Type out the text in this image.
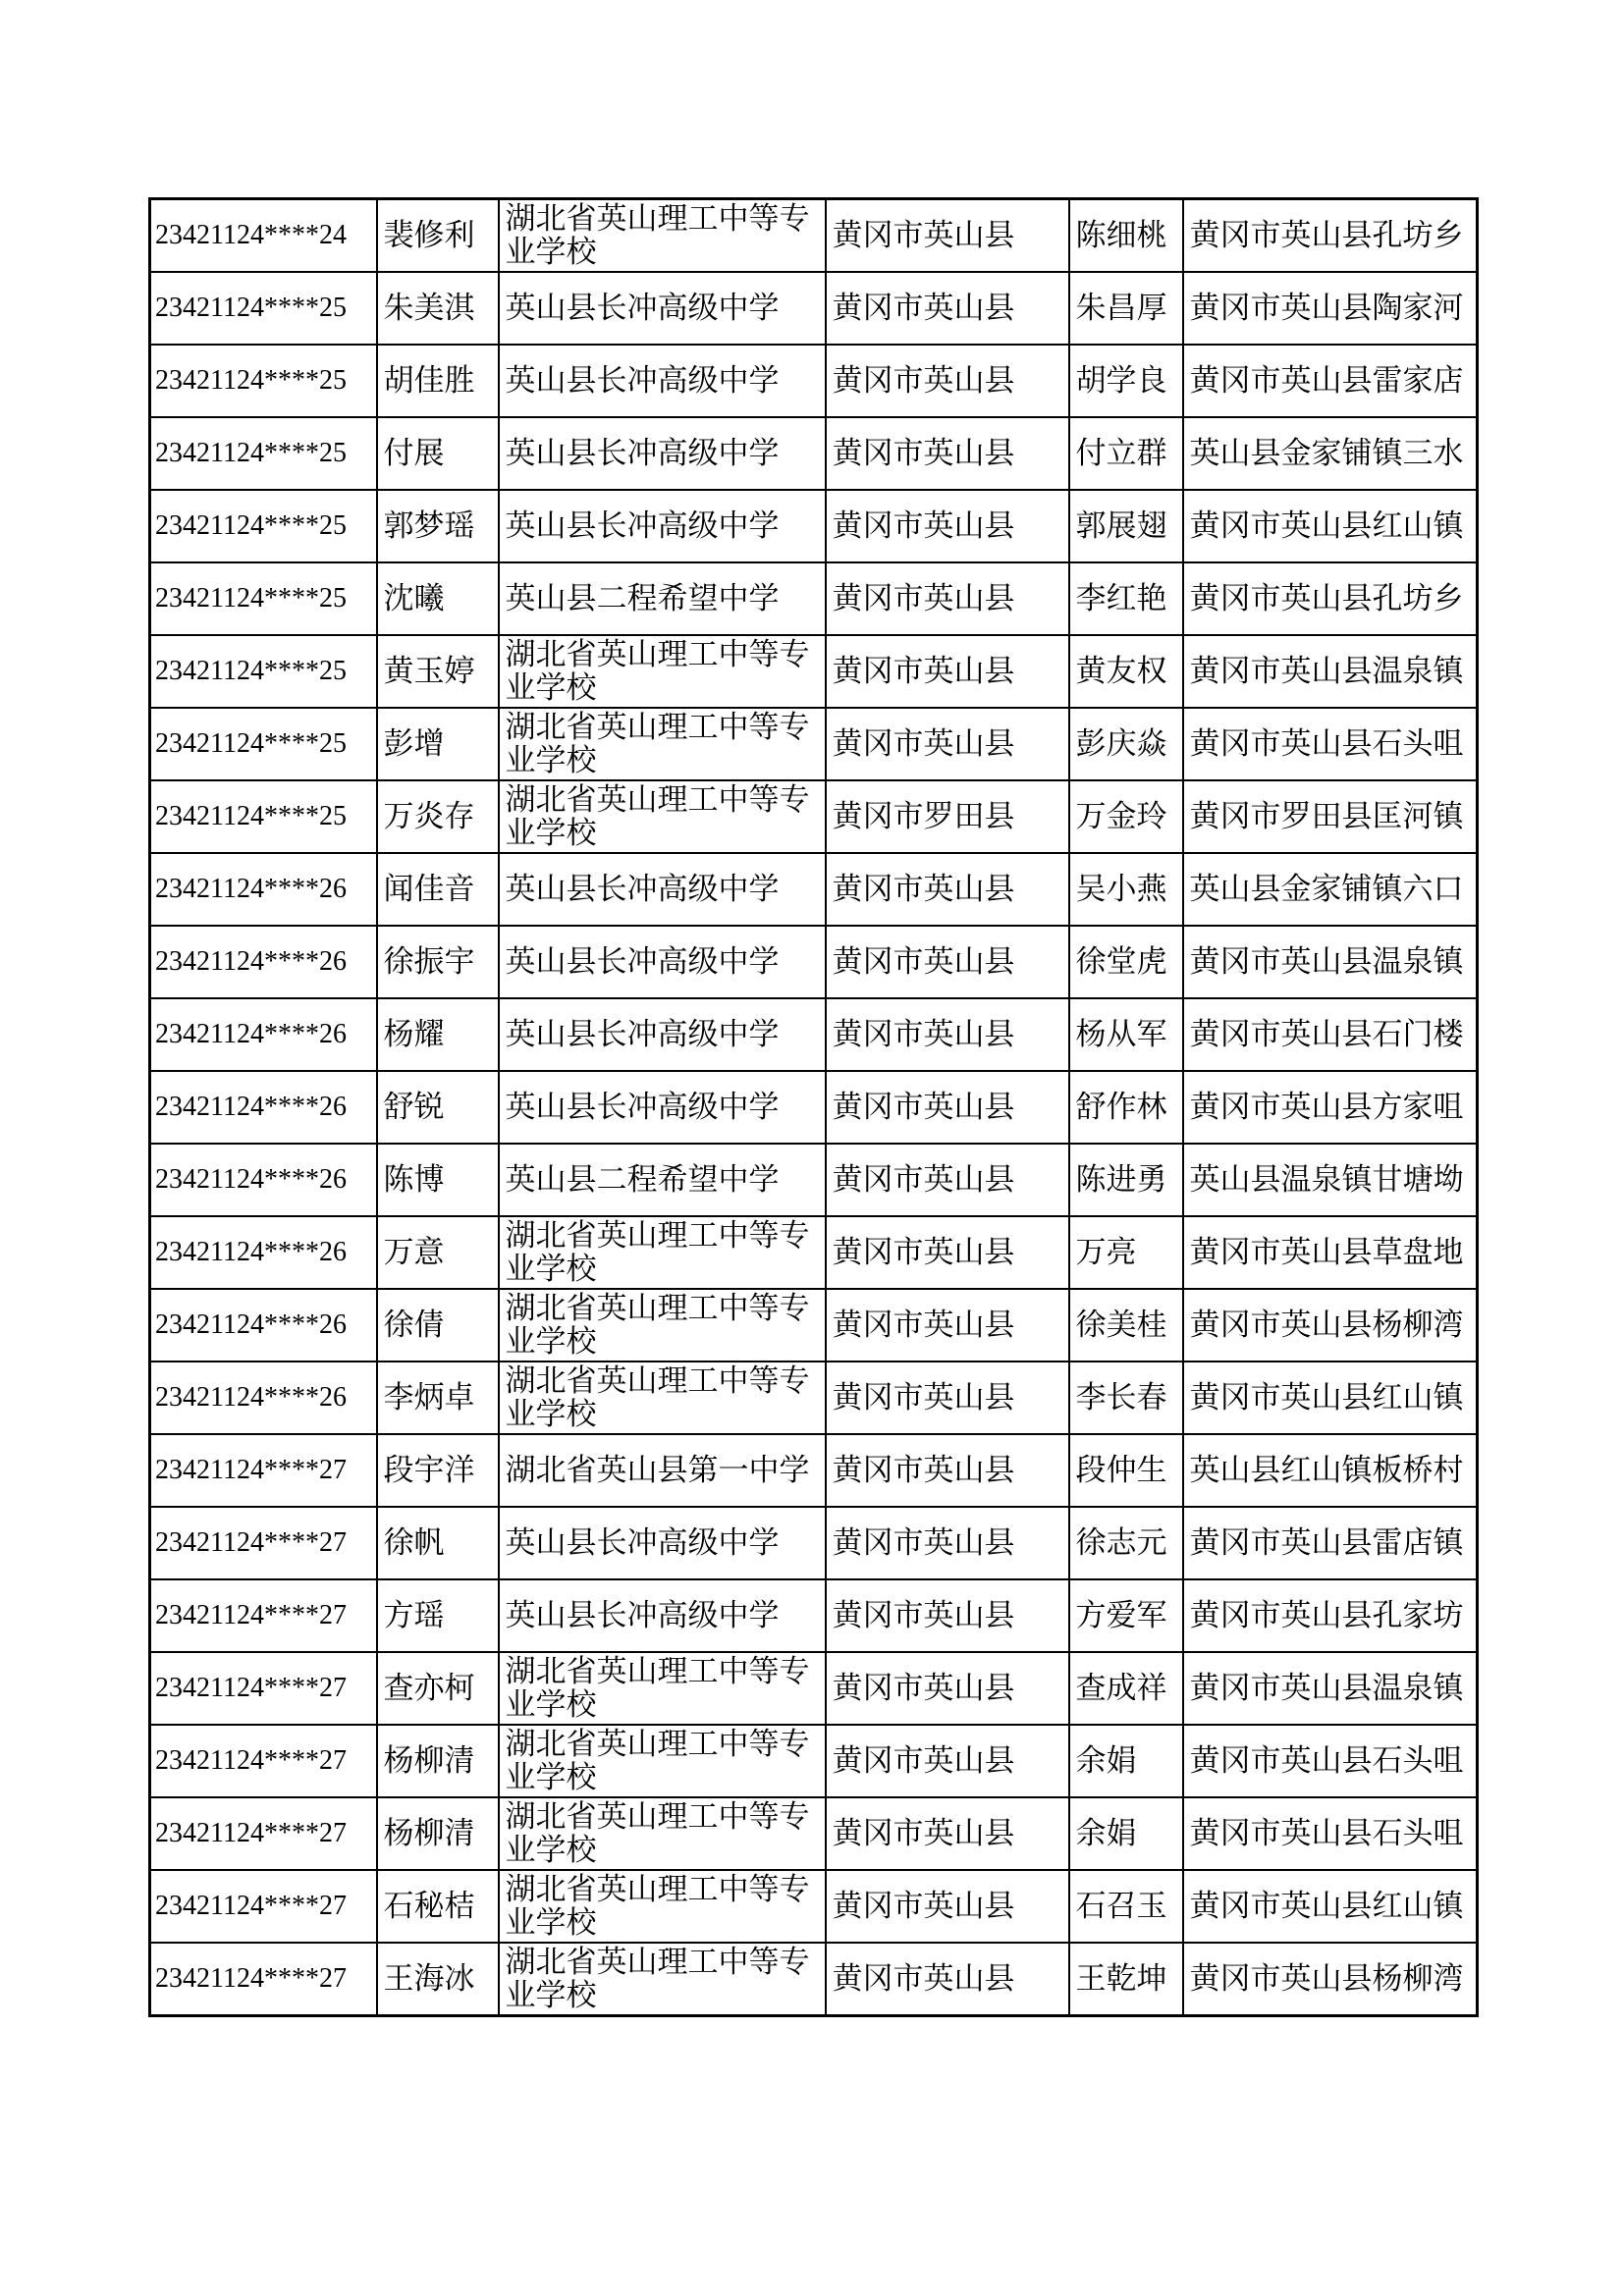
23421124****24	裴修利	湖北省英山理工中等专业学校	黄冈市英山县	陈细桃	黄冈市英山县孔坊乡
23421124****25	朱美淇	英山县长冲高级中学	黄冈市英山县	朱昌厚	黄冈市英山县陶家河
23421124****25	胡佳胜	英山县长冲高级中学	黄冈市英山县	胡学良	黄冈市英山县雷家店
23421124****25	付展	英山县长冲高级中学	黄冈市英山县	付立群	英山县金家铺镇三水
23421124****25	郭梦瑶	英山县长冲高级中学	黄冈市英山县	郭展翅	黄冈市英山县红山镇
23421124****25	沈曦	英山县二程希望中学	黄冈市英山县	李红艳	黄冈市英山县孔坊乡
23421124****25	黄玉婷	湖北省英山理工中等专业学校	黄冈市英山县	黄友权	黄冈市英山县温泉镇
23421124****25	彭增	湖北省英山理工中等专业学校	黄冈市英山县	彭庆焱	黄冈市英山县石头咀
23421124****25	万炎存	湖北省英山理工中等专业学校	黄冈市罗田县	万金玲	黄冈市罗田县匡河镇
23421124****26	闻佳音	英山县长冲高级中学	黄冈市英山县	吴小燕	英山县金家铺镇六口
23421124****26	徐振宇	英山县长冲高级中学	黄冈市英山县	徐堂虎	黄冈市英山县温泉镇
23421124****26	杨耀	英山县长冲高级中学	黄冈市英山县	杨从军	黄冈市英山县石门楼
23421124****26	舒锐	英山县长冲高级中学	黄冈市英山县	舒作林	黄冈市英山县方家咀
23421124****26	陈博	英山县二程希望中学	黄冈市英山县	陈进勇	英山县温泉镇甘塘坳
23421124****26	万意	湖北省英山理工中等专业学校	黄冈市英山县	万亮	黄冈市英山县草盘地
23421124****26	徐倩	湖北省英山理工中等专业学校	黄冈市英山县	徐美桂	黄冈市英山县杨柳湾
23421124****26	李炳卓	湖北省英山理工中等专业学校	黄冈市英山县	李长春	黄冈市英山县红山镇
23421124****27	段宇洋	湖北省英山县第一中学	黄冈市英山县	段仲生	英山县红山镇板桥村
23421124****27	徐帆	英山县长冲高级中学	黄冈市英山县	徐志元	黄冈市英山县雷店镇
23421124****27	方瑶	英山县长冲高级中学	黄冈市英山县	方爱军	黄冈市英山县孔家坊
23421124****27	查亦柯	湖北省英山理工中等专业学校	黄冈市英山县	查成祥	黄冈市英山县温泉镇
23421124****27	杨柳清	湖北省英山理工中等专业学校	黄冈市英山县	余娟	黄冈市英山县石头咀
23421124****27	杨柳清	湖北省英山理工中等专业学校	黄冈市英山县	余娟	黄冈市英山县石头咀
23421124****27	石秘桔	湖北省英山理工中等专业学校	黄冈市英山县	石召玉	黄冈市英山县红山镇
23421124****27	王海冰	湖北省英山理工中等专业学校	黄冈市英山县	王乾坤	黄冈市英山县杨柳湾
